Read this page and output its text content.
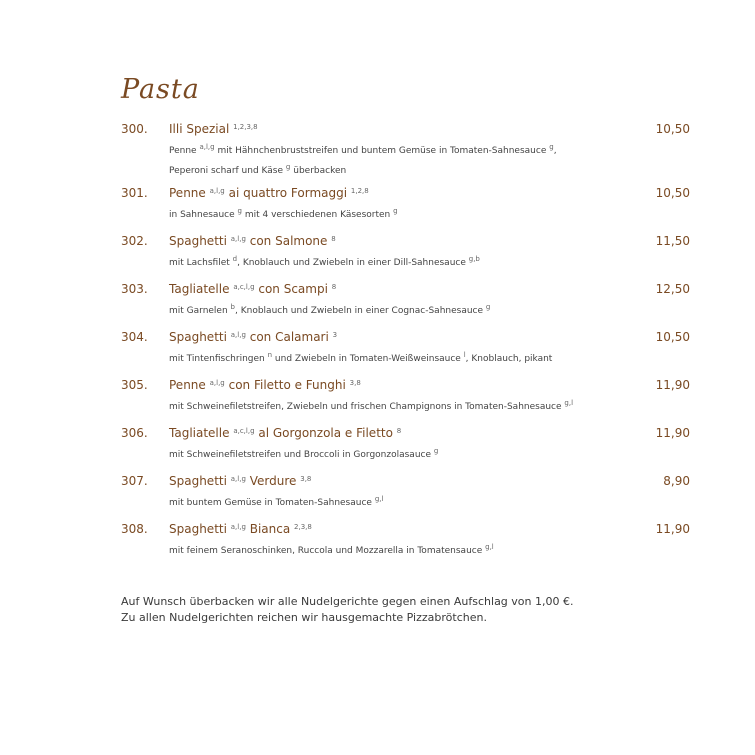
Pasta
300. Illi Spezial $^{1,2,3,8}$	10,50
Penne $^{a,l,g}$ mit Hähnchenbruststreifen und buntem Gemüse in Tomaten-Sahnesauce $^g$,
Peperoni scharf und Käse $^g$ überbacken
301. Penne $^{a,l,g}$ ai quattro Formaggi $^{1,2,8}$	10,50
in Sahnesauce $^g$ mit 4 verschiedenen Käsesorten $^g$
302. Spaghetti $^{a,l,g}$ con Salmone $^8$	11,50
mit Lachsfilet $^d$, Knoblauch und Zwiebeln in einer Dill-Sahnesauce $^{g,b}$
303. Tagliatelle $^{a,c,l,g}$ con Scampi $^8$	12,50
mit Garnelen $^b$, Knoblauch und Zwiebeln in einer Cognac-Sahnesauce $^g$
304. Spaghetti $^{a,l,g}$ con Calamari $^3$	10,50
mit Tintenfischringen $^n$ und Zwiebeln in Tomaten-Weißweinsauce $^l$, Knoblauch, pikant
305. Penne $^{a,l,g}$ con Filetto e Funghi $^{3,8}$	11,90
mit Schweinefiletstreifen, Zwiebeln und frischen Champignons in Tomaten-Sahnesauce $^{g,l}$
306. Tagliatelle $^{a,c,l,g}$ al Gorgonzola e Filetto $^8$	11,90
mit Schweinefiletstreifen und Broccoli in Gorgonzolasauce $^g$
307. Spaghetti $^{a,l,g}$ Verdure $^{3,8}$	8,90
mit buntem Gemüse in Tomaten-Sahnesauce $^{g,l}$
308. Spaghetti $^{a,l,g}$ Bianca $^{2,3,8}$	11,90
mit feinem Seranoschinken, Ruccola und Mozzarella in Tomatensauce $^{g,l}$
Auf Wunsch überbacken wir alle Nudelgerichte gegen einen Aufschlag von 1,00 €.
Zu allen Nudelgerichten reichen wir hausgemachte Pizzabrötchen.
